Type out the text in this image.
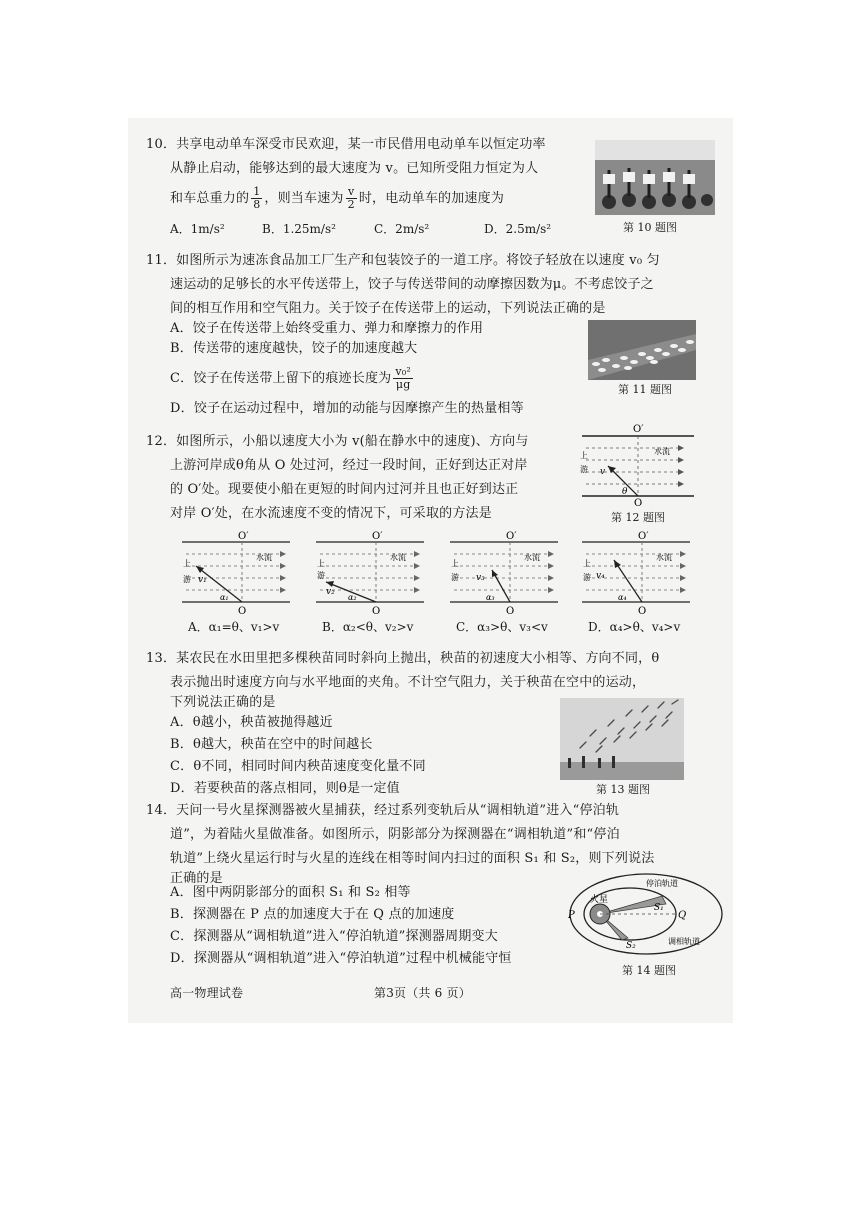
10．共享电动单车深受市民欢迎，某一市民借用电动单车以恒定功率
从静止启动，能够达到的最大速度为 v。已知所受阻力恒定为人
和车总重力的 $\frac{1}{8}$ ，则当车速为 $\frac{v}{2}$ 时，电动单车的加速度为
A．1m/s²	B．1.25m/s²	C．2m/s²	D．2.5m/s²	第 10 题图
11．如图所示为速冻食品加工厂生产和包装饺子的一道工序。将饺子轻放在以速度 v₀ 匀
速运动的足够长的水平传送带上，饺子与传送带间的动摩擦因数为μ。不考虑饺子之
间的相互作用和空气阻力。关于饺子在传送带上的运动，下列说法正确的是
A．饺子在传送带上始终受重力、弹力和摩擦力的作用
B．传送带的速度越快，饺子的加速度越大
C．饺子在传送带上留下的痕迹长度为 $\frac{\text{v₀²}}{\mu g}$
D．饺子在运动过程中，增加的动能与因摩擦产生的热量相等
第 11 题图
12．如图所示，小船以速度大小为 v(船在静水中的速度)、方向与
上游河岸成θ角从 O 处过河，经过一段时间，正好到达正对岸
的 O′处。现要使小船在更短的时间内过河并且也正好到达正
对岸 O′处，在水流速度不变的情况下，可采取的方法是
O′
O
水流
上
游 v
θ
第 12 题图
O′
O
水流
上
游 v₁
α₁
A．α₁=θ、v₁>v
O′
O
水流
上
游
v₂
α₂
B．α₂<θ、v₂>v
O′
O
水流
上
游 v₃
α₃
C．α₃>θ、v₃<v
O′
O
水流
上
游 v₄
α₄
D．α₄>θ、v₄>v
13．某农民在水田里把多棵秧苗同时斜向上抛出，秧苗的初速度大小相等、方向不同，θ
表示抛出时速度方向与水平地面的夹角。不计空气阻力，关于秧苗在空中的运动，
下列说法正确的是
A．θ越小，秧苗被抛得越近
B．θ越大，秧苗在空中的时间越长
C．θ不同，相同时间内秧苗速度变化量不同
D．若要秧苗的落点相同，则θ是一定值	第 13 题图
14．天问一号火星探测器被火星捕获，经过系列变轨后从“调相轨道”进入“停泊轨
道”，为着陆火星做准备。如图所示，阴影部分为探测器在“调相轨道”和“停泊
轨道”上绕火星运行时与火星的连线在相等时间内扫过的面积 S₁ 和 S₂，则下列说法
正确的是
A．图中两阴影部分的面积 S₁ 和 S₂ 相等
B．探测器在 P 点的加速度大于在 Q 点的加速度
C．探测器从“调相轨道”进入“停泊轨道”探测器周期变大
D．探测器从“调相轨道”进入“停泊轨道”过程中机械能守恒
火星
P	Q
S₁
S₂
停泊轨道
调相轨道
第 14 题图
高一物理试卷	第3页（共 6 页）
